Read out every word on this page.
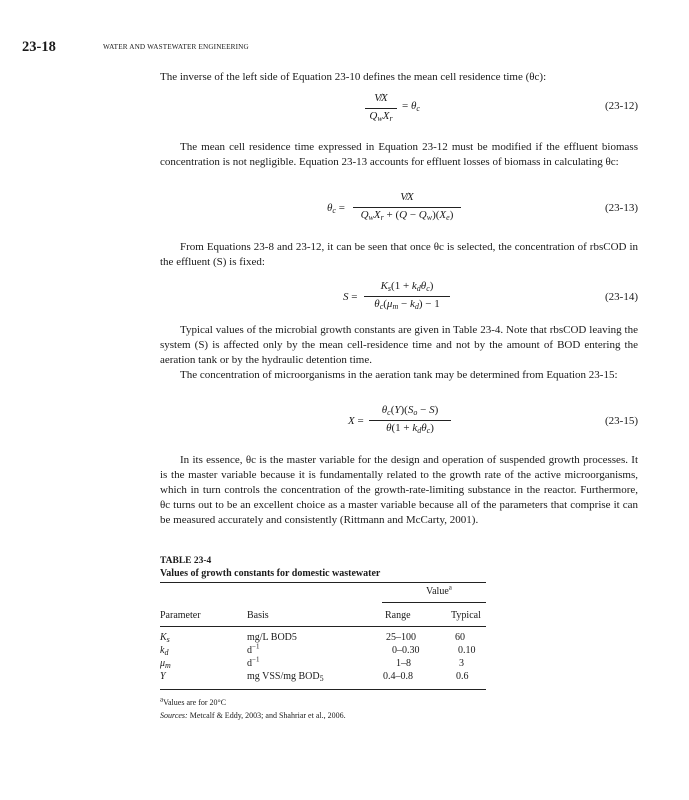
23-18	WATER AND WASTEWATER ENGINEERING
The inverse of the left side of Equation 23-10 defines the mean cell residence time (θc):
V̸X
$Q_wX_r$
= $\theta_c$	(23-12)
The mean cell residence time expressed in Equation 23-12 must be modified if the effluent biomass concentration is not negligible. Equation 23-13 accounts for effluent losses of biomass in calculating θc:
$\theta_c$ =
V̸X
$Q_wX_r + (Q - Q_w)(X_e)$
(23-13)
From Equations 23-8 and 23-12, it can be seen that once θc is selected, the concentration of rbsCOD in the effluent (S) is fixed:
S =
$K_s(1 + k_d\theta_c)$
$\theta_c(\mu_m - k_d) - 1$
(23-14)
Typical values of the microbial growth constants are given in Table 23-4. Note that rbsCOD leaving the system (S) is affected only by the mean cell-residence time and not by the amount of BOD entering the aeration tank or by the hydraulic detention time.
The concentration of microorganisms in the aeration tank may be determined from Equation 23-15:
X =
$\theta_c(Y)(S_o - S)$
$\theta(1 + k_d\theta_c)$
(23-15)
In its essence, θc is the master variable for the design and operation of suspended growth processes. It is the master variable because it is fundamentally related to the growth rate of the active microorganisms, which in turn controls the concentration of the growth-rate-limiting substance in the reactor. Furthermore, θc turns out to be an excellent choice as a master variable because all of the parameters that comprise it can be measured accurately and consistently (Rittmann and McCarty, 2001).
TABLE 23-4
Values of growth constants for domestic wastewater
Value$^a$
Parameter	Basis	Range	Typical
$K_s$	mg/L BOD5	25–100	60
$k_d$	$d^{-1}$	0–0.30	0.10
$\mu_m$	$d^{-1}$	1–8	3
Y	mg VSS/mg $BOD_5$	0.4–0.8	0.6
$^a$Values are for 20°C
Sources: Metcalf & Eddy, 2003; and Shahriar et al., 2006.
